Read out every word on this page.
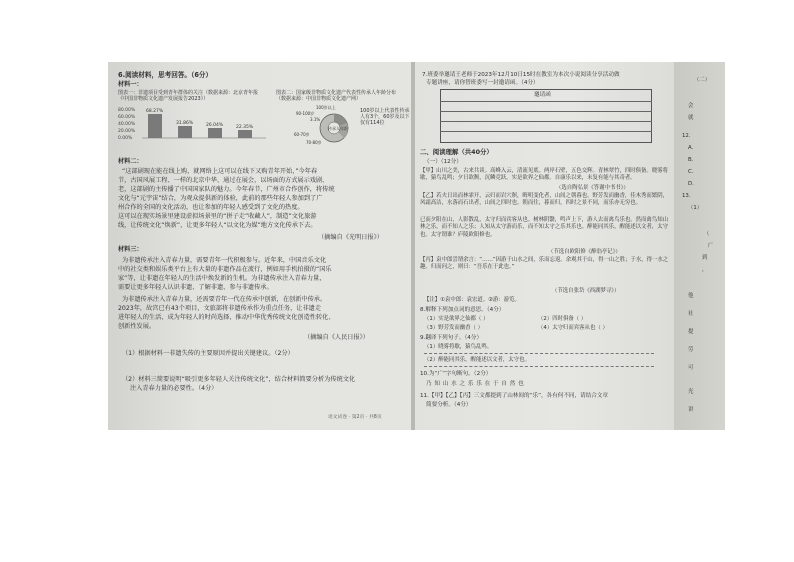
6.阅读材料，思考回答。（6分）
材料一：
图表一：非遗项目受到青年群体的关注（数据来源：北京青年报《中国非物质文化遗产发展报告2023》）
80.00%
60.00%
40.00%
20.00%
0.00%
68.27%
31.86%	26.04%	22.35%
图表二：国家级非物质文化遗产代表性传承人年龄分布（数据来源：中国非物质文化遗产网）
100岁以上
90-100岁
60-70岁
70-80岁
3.1%
传承人年龄
100岁以上代表性传承人有3个，60岁及以下仅有114位
材料二：
“这部剧现在能在线上购，就网络上这可以在线下又购青年开始，”今年春
节，古国风展工程、一样的北京中华、通过在展会，以场面的方式展示戏剧、
老，这部剧的主传播了中国国家队的魅力。今年春节，广州市合作创作，将传统
文化与“元宇宙”结合，为观众提供新的体验，此前的那些年轻人参加到了广
州合作的全国的文化活动，也让参加的年轻人感受到了文化的热度。
这可以在现实场景里建设虚拟场景里的“拼子走”收藏人”，制造”文化旅游
线，让传统文化“焕新”，让更多年轻人“以文化为媒”地方文化传承下去。
（摘编自《光明日报》）
材料三：
为非遗传承注入青春力量，需要青年一代积极参与。近年来，中国音乐文化
中的社交类和娱乐类平台上有大量的非遗作品在流行，例如用手机拍摄的“国乐
家”等，让非遗在年轻人的生活中焕发新的生机。为非遗传承注入青春力量，
需要让更多年轻人认识非遗、了解非遗、参与非遗传承。
为非遗传承注入青春力量，还需要青年一代在传承中创新，在创新中传承。
2023年，故宫已有43个项目，文旅部将非遗传承作为重点任务，让非遗走
进年轻人的生活，成为年轻人的时尚选择，推动中华优秀传统文化创造性转化、
创新性发展。
（摘编自《人民日报》）
（1）根据材料一非遗失传的主要原因并提出关键建议。（2分）
（2）材料三简要说明“吸引更多年轻人关注传统文化”，结合材料简要分析为传统文化
注入青春力量的必要性。（4分）
7.班委举邀请王老师于2023年12月10日15时在教室为本次小说阅读分享活动做
专题讲座，请你替班委写一封邀请函。（4分）
邀请函
二、阅读理解（共40分）
（一）（12分）
【甲】山川之美，古来共谈。高峰入云，清流见底。两岸石壁，五色交辉。青林翠竹，四时俱备。晓雾将歇，猿鸟乱鸣；夕日欲颓，沉鳞竞跃。实是欲界之仙都。自康乐以来，未复有能与其奇者。
（选自陶弘景《答谢中书书》）
【乙】若夫日出而林霏开，云归而岩穴暝，晦明变化者，山间之朝暮也。野芳发而幽香，佳木秀而繁阴，风霜高洁，水落而石出者，山间之四时也。朝而往，暮而归，四时之景不同，而乐亦无穷也。
已而夕阳在山，人影散乱，太守归而宾客从也。树林阴翳，鸣声上下，游人去而禽鸟乐也。然而禽鸟知山林之乐，而不知人之乐；人知从太守游而乐，而不知太守之乐其乐也。醉能同其乐，醒能述以文者，太守也。太守谓谁？庐陵欧阳修也。
（节选自欧阳修《醉翁亭记》）
【丙】袁中郎尝谓余言：“……”因游于山水之间，乐而忘返。余观其于山，得一山之胜；于水，得一水之趣。归而问之，则曰：“吾乐在于此也。”
（节选自张岱《西湖梦寻》）
【注】①袁中郎：袁宏道。②游：游览。
8.解释下列加点词的意思。（4分）
（1）实是欲界之仙都（ ）	（2）四时俱备（ ）
（3）野芳发而幽香（ ）	（4）太守归而宾客从也（ ）
9.翻译下列句子。（4分）
（1）晓雾将歇，猿鸟乱鸣。
（2）醉能同其乐，醒能述以文者，太守也。
10.为“广”字句断句。（2分）
乃 知 山 水 之 乐 乐 在 于 自 然 也
11.【甲】【乙】【丙】三文都提到了山林间的“乐”，各有何不同，请结合文章
简要分析。（4分）
语文试卷 · 第2页 · 共8页
（二）
会
就
12.
A.
B.
C.
D.
13.
（1）
（
广
到
，
他
社
提
劳
可
光
讲
